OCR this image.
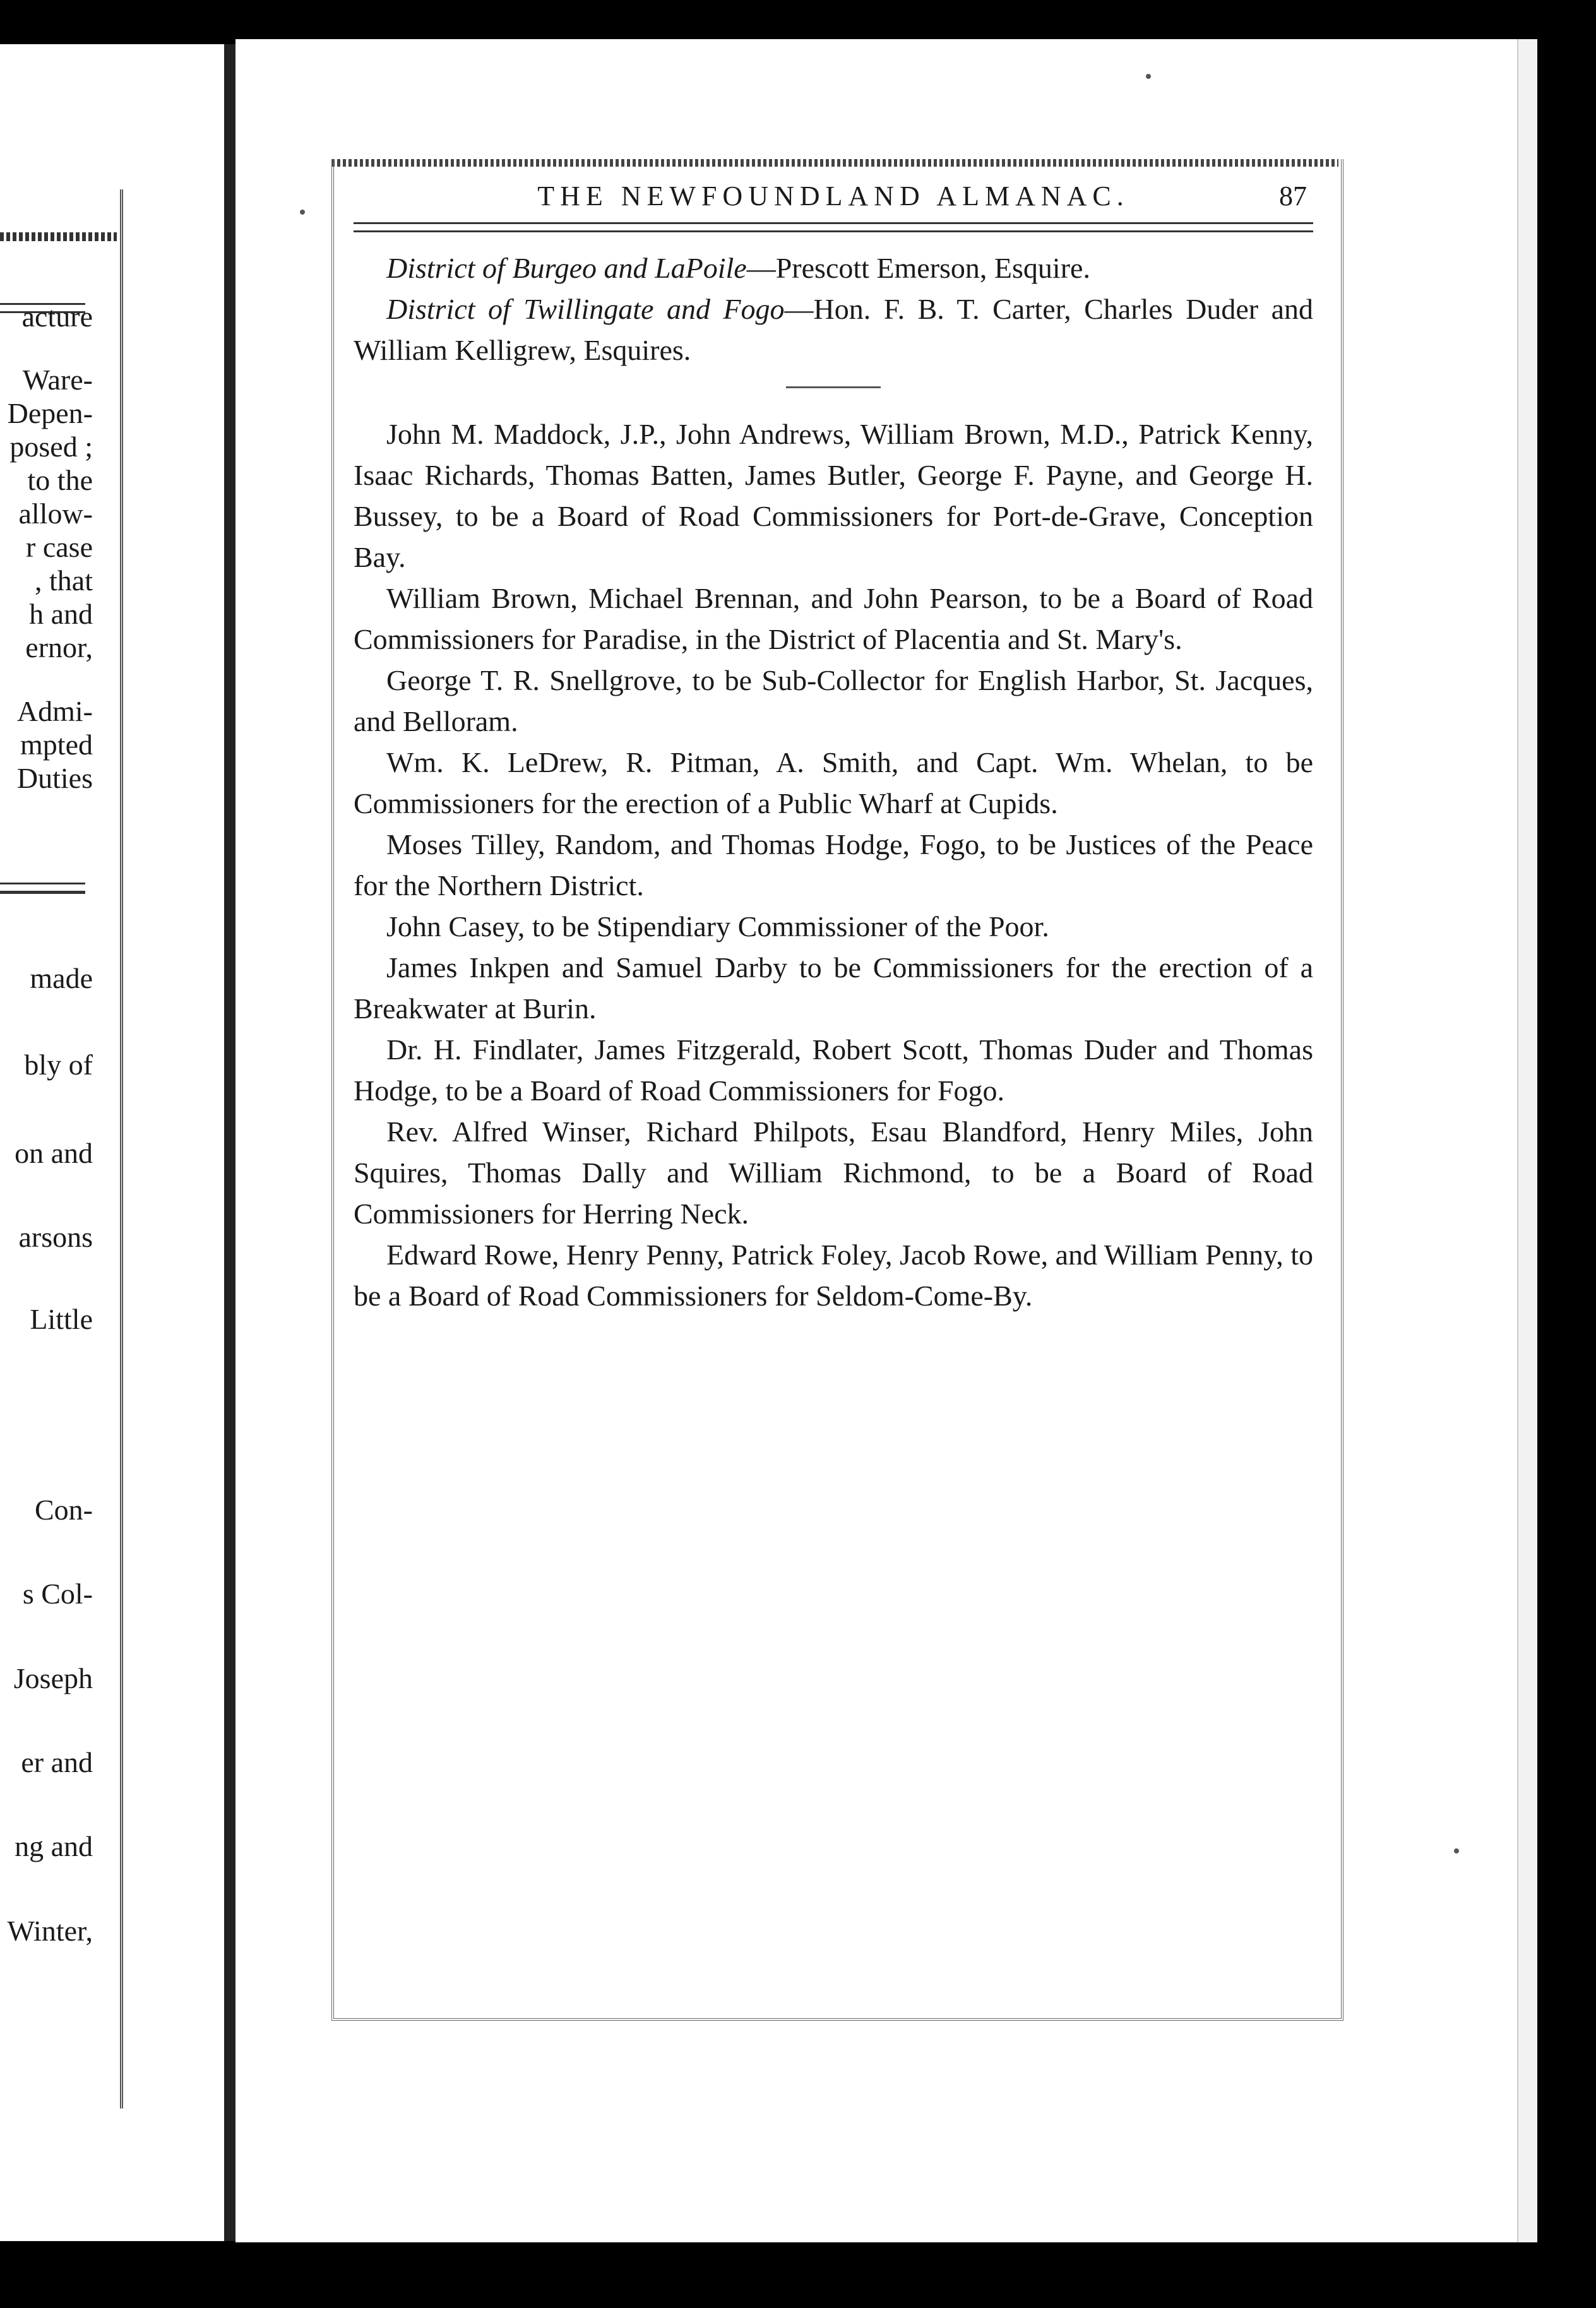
acture
Ware-
Depen-
posed ;
to the
allow-
r case
, that
h and
ernor,
Admi-
mpted
Duties
made
bly of
on and
arsons
Little
Con-
s Col-
Joseph
er and
ng and
Winter,
THE NEWFOUNDLAND ALMANAC.	87

District of Burgeo and LaPoile—Prescott Emerson, Esquire.

District of Twillingate and Fogo—Hon. F. B. T. Carter, Charles Duder and William Kelligrew, Esquires.

John M. Maddock, J.P., John Andrews, William Brown, M.D., Patrick Kenny, Isaac Richards, Thomas Batten, James Butler, George F. Payne, and George H. Bussey, to be a Board of Road Commissioners for Port-de-Grave, Conception Bay.

William Brown, Michael Brennan, and John Pearson, to be a Board of Road Commissioners for Paradise, in the District of Placentia and St. Mary's.

George T. R. Snellgrove, to be Sub-Collector for English Harbor, St. Jacques, and Belloram.

Wm. K. LeDrew, R. Pitman, A. Smith, and Capt. Wm. Whelan, to be Commissioners for the erection of a Public Wharf at Cupids.

Moses Tilley, Random, and Thomas Hodge, Fogo, to be Justices of the Peace for the Northern District.

John Casey, to be Stipendiary Commissioner of the Poor.

James Inkpen and Samuel Darby to be Commissioners for the erection of a Breakwater at Burin.

Dr. H. Findlater, James Fitzgerald, Robert Scott, Thomas Duder and Thomas Hodge, to be a Board of Road Commissioners for Fogo.

Rev. Alfred Winser, Richard Philpots, Esau Blandford, Henry Miles, John Squires, Thomas Dally and William Richmond, to be a Board of Road Commissioners for Herring Neck.

Edward Rowe, Henry Penny, Patrick Foley, Jacob Rowe, and William Penny, to be a Board of Road Commissioners for Seldom-Come-By.
